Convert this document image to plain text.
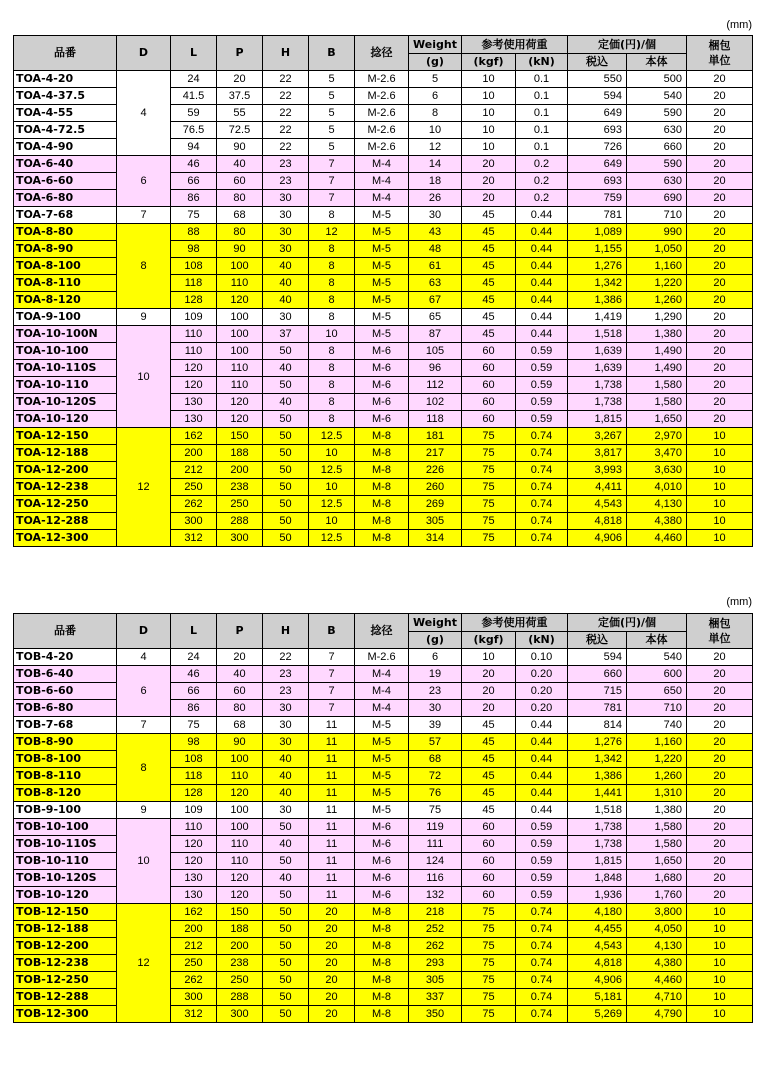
(mm)
(mm)
品番	D	L	P	H	B	捻径	Weight	参考使用荷重		定価(円)/個		梱包単位
							(g)	(kgf)	(kN)	税込	本体	
TOA-4-20	4	24	20	22	5	M-2.6	5	10	0.1	550	500	20
TOA-4-37.5		41.5	37.5	22	5	M-2.6	6	10	0.1	594	540	20
TOA-4-55		59	55	22	5	M-2.6	8	10	0.1	649	590	20
TOA-4-72.5		76.5	72.5	22	5	M-2.6	10	10	0.1	693	630	20
TOA-4-90		94	90	22	5	M-2.6	12	10	0.1	726	660	20
TOA-6-40	6	46	40	23	7	M-4	14	20	0.2	649	590	20
TOA-6-60		66	60	23	7	M-4	18	20	0.2	693	630	20
TOA-6-80		86	80	30	7	M-4	26	20	0.2	759	690	20
TOA-7-68	7	75	68	30	8	M-5	30	45	0.44	781	710	20
TOA-8-80	8	88	80	30	12	M-5	43	45	0.44	1,089	990	20
TOA-8-90		98	90	30	8	M-5	48	45	0.44	1,155	1,050	20
TOA-8-100		108	100	40	8	M-5	61	45	0.44	1,276	1,160	20
TOA-8-110		118	110	40	8	M-5	63	45	0.44	1,342	1,220	20
TOA-8-120		128	120	40	8	M-5	67	45	0.44	1,386	1,260	20
TOA-9-100	9	109	100	30	8	M-5	65	45	0.44	1,419	1,290	20
TOA-10-100N	10	110	100	37	10	M-5	87	45	0.44	1,518	1,380	20
TOA-10-100		110	100	50	8	M-6	105	60	0.59	1,639	1,490	20
TOA-10-110S		120	110	40	8	M-6	96	60	0.59	1,639	1,490	20
TOA-10-110		120	110	50	8	M-6	112	60	0.59	1,738	1,580	20
TOA-10-120S		130	120	40	8	M-6	102	60	0.59	1,738	1,580	20
TOA-10-120		130	120	50	8	M-6	118	60	0.59	1,815	1,650	20
TOA-12-150	12	162	150	50	12.5	M-8	181	75	0.74	3,267	2,970	10
TOA-12-188		200	188	50	10	M-8	217	75	0.74	3,817	3,470	10
TOA-12-200		212	200	50	12.5	M-8	226	75	0.74	3,993	3,630	10
TOA-12-238		250	238	50	10	M-8	260	75	0.74	4,411	4,010	10
TOA-12-250		262	250	50	12.5	M-8	269	75	0.74	4,543	4,130	10
TOA-12-288		300	288	50	10	M-8	305	75	0.74	4,818	4,380	10
TOA-12-300		312	300	50	12.5	M-8	314	75	0.74	4,906	4,460	10
品番	D	L	P	H	B	捻径	Weight	参考使用荷重		定価(円)/個		梱包単位
							(g)	(kgf)	(kN)	税込	本体	
TOB-4-20	4	24	20	22	7	M-2.6	6	10	0.10	594	540	20
TOB-6-40	6	46	40	23	7	M-4	19	20	0.20	660	600	20
TOB-6-60		66	60	23	7	M-4	23	20	0.20	715	650	20
TOB-6-80		86	80	30	7	M-4	30	20	0.20	781	710	20
TOB-7-68	7	75	68	30	11	M-5	39	45	0.44	814	740	20
TOB-8-90	8	98	90	30	11	M-5	57	45	0.44	1,276	1,160	20
TOB-8-100		108	100	40	11	M-5	68	45	0.44	1,342	1,220	20
TOB-8-110		118	110	40	11	M-5	72	45	0.44	1,386	1,260	20
TOB-8-120		128	120	40	11	M-5	76	45	0.44	1,441	1,310	20
TOB-9-100	9	109	100	30	11	M-5	75	45	0.44	1,518	1,380	20
TOB-10-100	10	110	100	50	11	M-6	119	60	0.59	1,738	1,580	20
TOB-10-110S		120	110	40	11	M-6	111	60	0.59	1,738	1,580	20
TOB-10-110		120	110	50	11	M-6	124	60	0.59	1,815	1,650	20
TOB-10-120S		130	120	40	11	M-6	116	60	0.59	1,848	1,680	20
TOB-10-120		130	120	50	11	M-6	132	60	0.59	1,936	1,760	20
TOB-12-150	12	162	150	50	20	M-8	218	75	0.74	4,180	3,800	10
TOB-12-188		200	188	50	20	M-8	252	75	0.74	4,455	4,050	10
TOB-12-200		212	200	50	20	M-8	262	75	0.74	4,543	4,130	10
TOB-12-238		250	238	50	20	M-8	293	75	0.74	4,818	4,380	10
TOB-12-250		262	250	50	20	M-8	305	75	0.74	4,906	4,460	10
TOB-12-288		300	288	50	20	M-8	337	75	0.74	5,181	4,710	10
TOB-12-300		312	300	50	20	M-8	350	75	0.74	5,269	4,790	10
